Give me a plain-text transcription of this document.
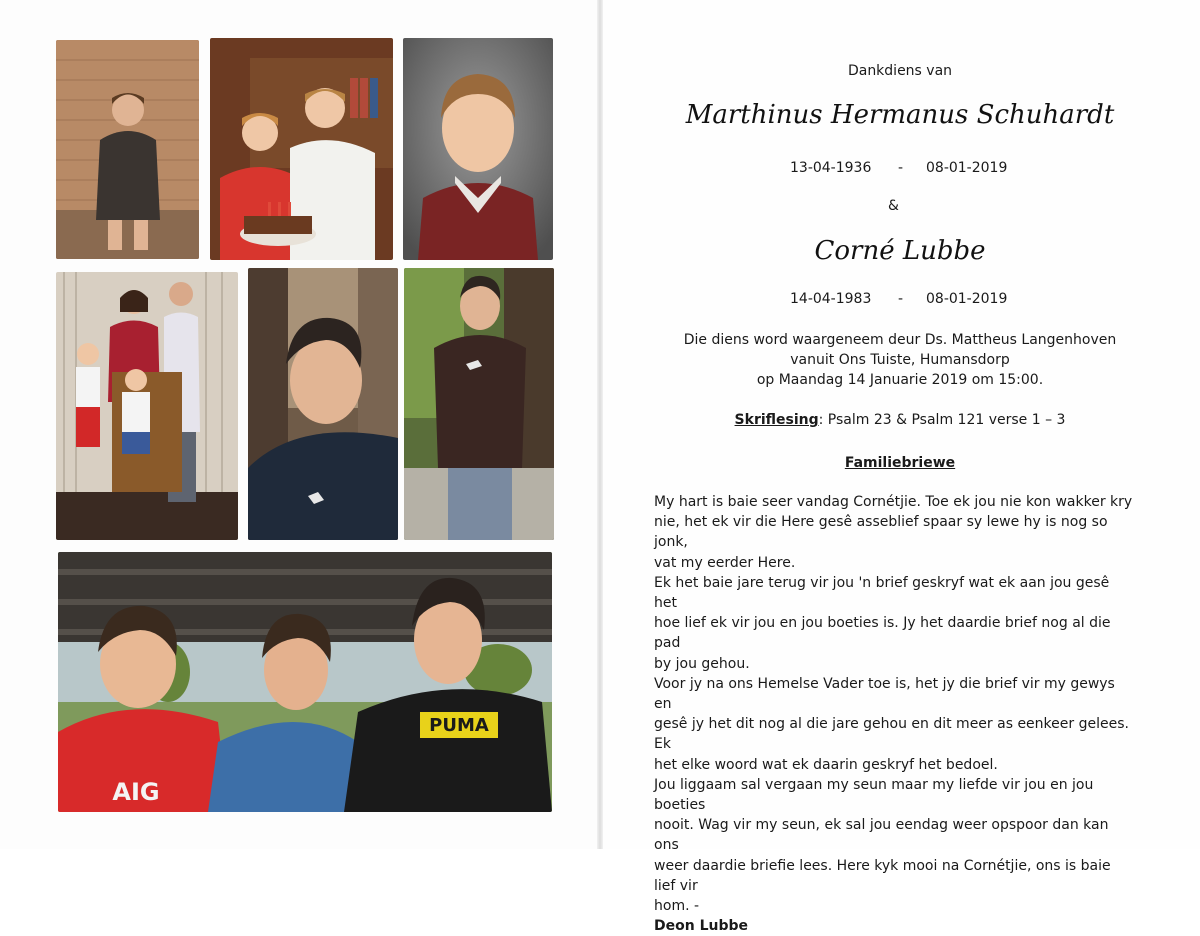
PUMA
AIG
Dankdiens van
Marthinus Hermanus Schuhardt
13-04-1936 - 08-01-2019
&
Corné Lubbe
14-04-1983 - 08-01-2019
Die diens word waargeneem deur Ds. Mattheus Langenhoven
vanuit Ons Tuiste, Humansdorp
op Maandag 14 Januarie 2019 om 15:00.
Skriflesing: Psalm 23 & Psalm 121 verse 1 – 3
Familiebriewe

My hart is baie seer vandag Cornétjie. Toe ek jou nie kon wakker kry

nie, het ek vir die Here gesê asseblief spaar sy lewe hy is nog so jonk,

vat my eerder Here.

Ek het baie jare terug vir jou 'n brief geskryf wat ek aan jou gesê het

hoe lief ek vir jou en jou boeties is. Jy het daardie brief nog al die pad

by jou gehou.

Voor jy na ons Hemelse Vader toe is, het jy die brief vir my gewys en

gesê jy het dit nog al die jare gehou en dit meer as eenkeer gelees. Ek

het elke woord wat ek daarin geskryf het bedoel.

Jou liggaam sal vergaan my seun maar my liefde vir jou en jou boeties

nooit. Wag vir my seun, ek sal jou eendag weer opspoor dan kan ons

weer daardie briefie lees. Here kyk mooi na Cornétjie, ons is baie lief vir

hom. -

Deon Lubbe
